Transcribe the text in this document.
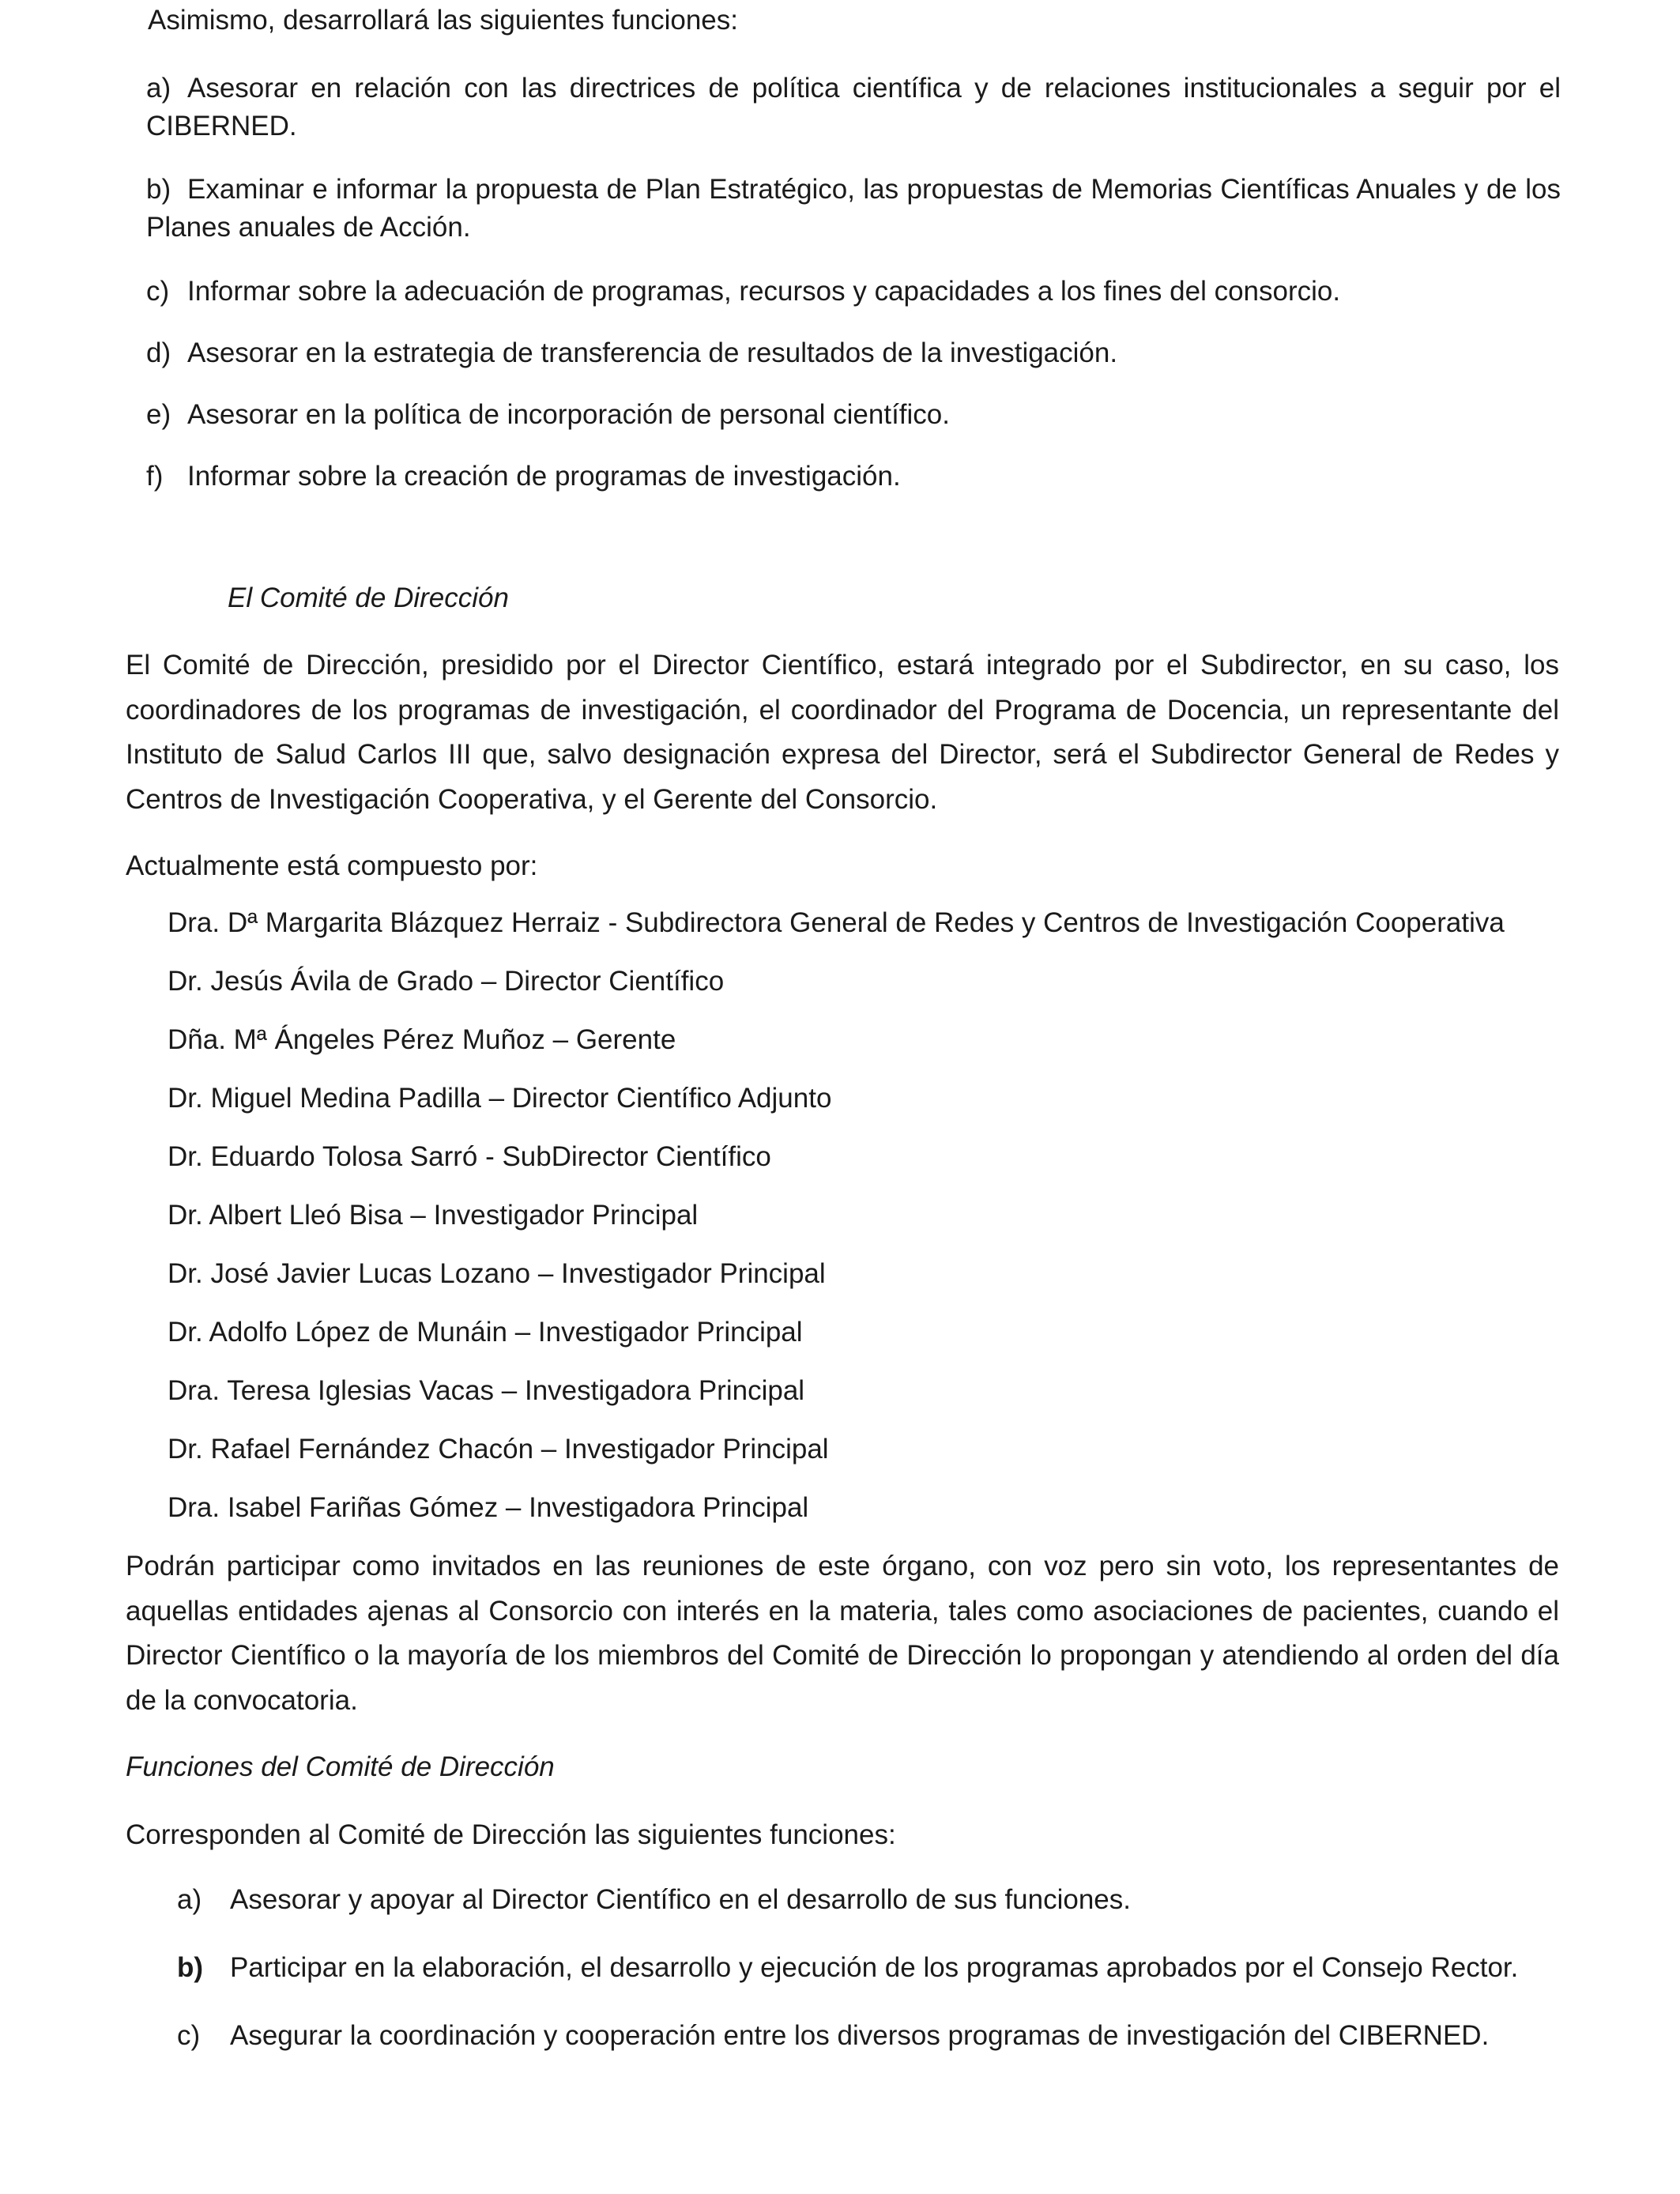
Asimismo, desarrollará las siguientes funciones:
a) Asesorar en relación con las directrices de política científica y de relaciones institucionales a seguir por el CIBERNED.
b) Examinar e informar la propuesta de Plan Estratégico, las propuestas de Memorias Científicas Anuales y de los Planes anuales de Acción.
c) Informar sobre la adecuación de programas, recursos y capacidades a los fines del consorcio.
d) Asesorar en la estrategia de transferencia de resultados de la investigación.
e) Asesorar en la política de incorporación de personal científico.
f) Informar sobre la creación de programas de investigación.
El Comité de Dirección
El Comité de Dirección, presidido por el Director Científico, estará integrado por el Subdirector, en su caso, los coordinadores de los programas de investigación, el coordinador del Programa de Docencia, un representante del Instituto de Salud Carlos III que, salvo designación expresa del Director, será el Subdirector General de Redes y Centros de Investigación Cooperativa, y el Gerente del Consorcio.
Actualmente está compuesto por:
Dra. Dª Margarita Blázquez Herraiz - Subdirectora General de Redes y Centros de Investigación Cooperativa
Dr. Jesús Ávila de Grado – Director Científico
Dña. Mª Ángeles Pérez Muñoz – Gerente
Dr. Miguel Medina Padilla – Director Científico Adjunto
Dr. Eduardo Tolosa Sarró - SubDirector Científico
Dr. Albert Lleó Bisa – Investigador Principal
Dr. José Javier Lucas Lozano – Investigador Principal
Dr. Adolfo López de Munáin – Investigador Principal
Dra. Teresa Iglesias Vacas – Investigadora Principal
Dr. Rafael Fernández Chacón – Investigador Principal
Dra. Isabel Fariñas Gómez – Investigadora Principal
Podrán participar como invitados en las reuniones de este órgano, con voz pero sin voto, los representantes de aquellas entidades ajenas al Consorcio con interés en la materia, tales como asociaciones de pacientes, cuando el Director Científico o la mayoría de los miembros del Comité de Dirección lo propongan y atendiendo al orden del día de la convocatoria.
Funciones del Comité de Dirección
Corresponden al Comité de Dirección las siguientes funciones:
a) Asesorar y apoyar al Director Científico en el desarrollo de sus funciones.
b) Participar en la elaboración, el desarrollo y ejecución de los programas aprobados por el Consejo Rector.
c) Asegurar la coordinación y cooperación entre los diversos programas de investigación del CIBERNED.
